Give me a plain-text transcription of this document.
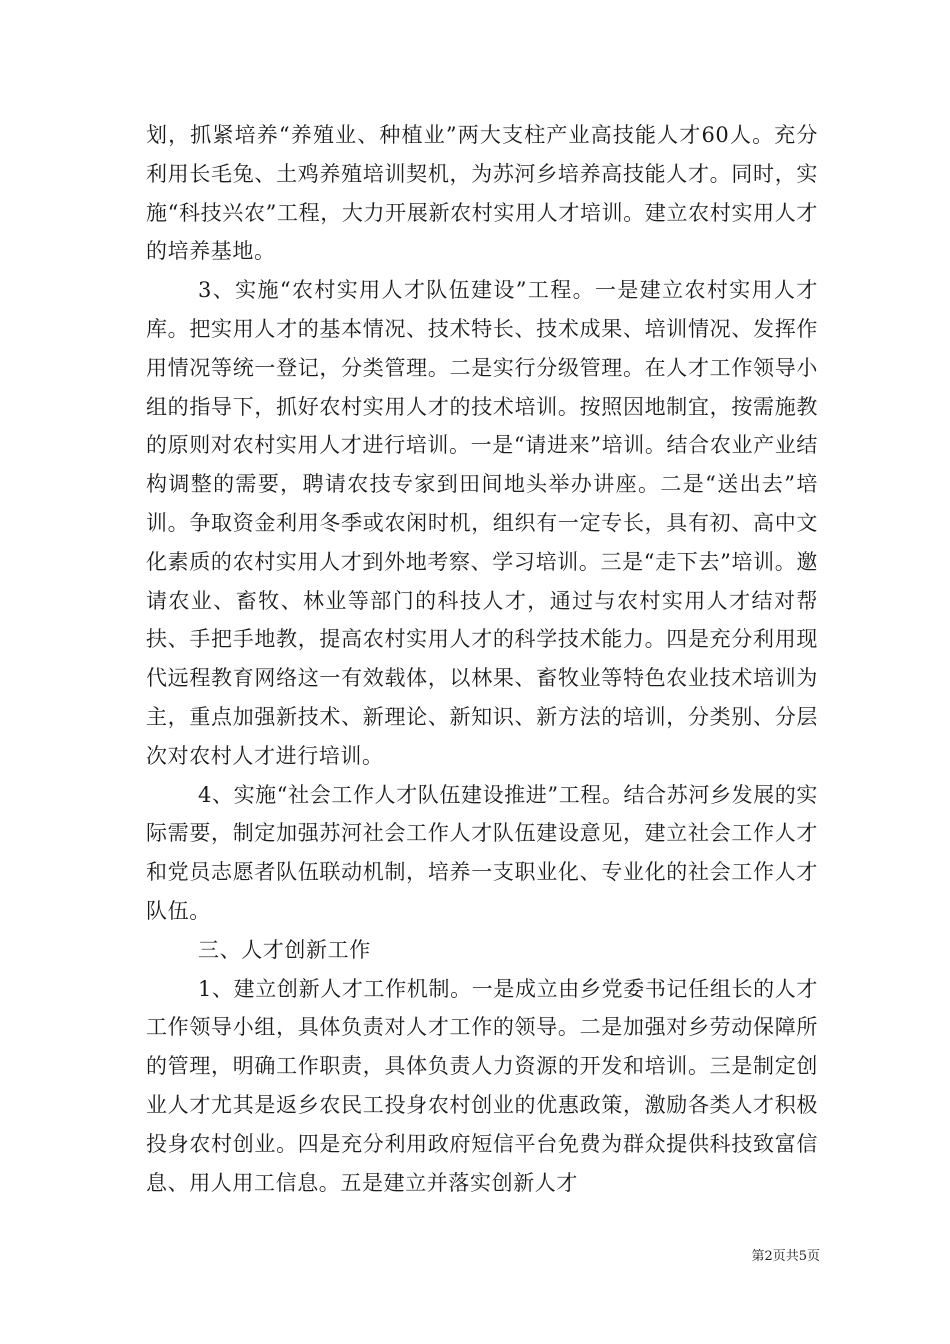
划，抓紧培养“养殖业、种植业”两大支柱产业高技能人才60人。充分利用长毛兔、土鸡养殖培训契机，为苏河乡培养高技能人才。同时，实施“科技兴农”工程，大力开展新农村实用人才培训。建立农村实用人才的培养基地。

3、实施“农村实用人才队伍建设”工程。一是建立农村实用人才库。把实用人才的基本情况、技术特长、技术成果、培训情况、发挥作用情况等统一登记，分类管理。二是实行分级管理。在人才工作领导小组的指导下，抓好农村实用人才的技术培训。按照因地制宜，按需施教的原则对农村实用人才进行培训。一是“请进来”培训。结合农业产业结构调整的需要，聘请农技专家到田间地头举办讲座。二是“送出去”培训。争取资金利用冬季或农闲时机，组织有一定专长，具有初、高中文化素质的农村实用人才到外地考察、学习培训。三是“走下去”培训。邀请农业、畜牧、林业等部门的科技人才，通过与农村实用人才结对帮扶、手把手地教，提高农村实用人才的科学技术能力。四是充分利用现代远程教育网络这一有效载体，以林果、畜牧业等特色农业技术培训为主，重点加强新技术、新理论、新知识、新方法的培训，分类别、分层次对农村人才进行培训。

4、实施“社会工作人才队伍建设推进”工程。结合苏河乡发展的实际需要，制定加强苏河社会工作人才队伍建设意见，建立社会工作人才和党员志愿者队伍联动机制，培养一支职业化、专业化的社会工作人才队伍。

三、人才创新工作

1、建立创新人才工作机制。一是成立由乡党委书记任组长的人才工作领导小组，具体负责对人才工作的领导。二是加强对乡劳动保障所的管理，明确工作职责，具体负责人力资源的开发和培训。三是制定创业人才尤其是返乡农民工投身农村创业的优惠政策，激励各类人才积极投身农村创业。四是充分利用政府短信平台免费为群众提供科技致富信息、用人用工信息。五是建立并落实创新人才

第2页共5页
